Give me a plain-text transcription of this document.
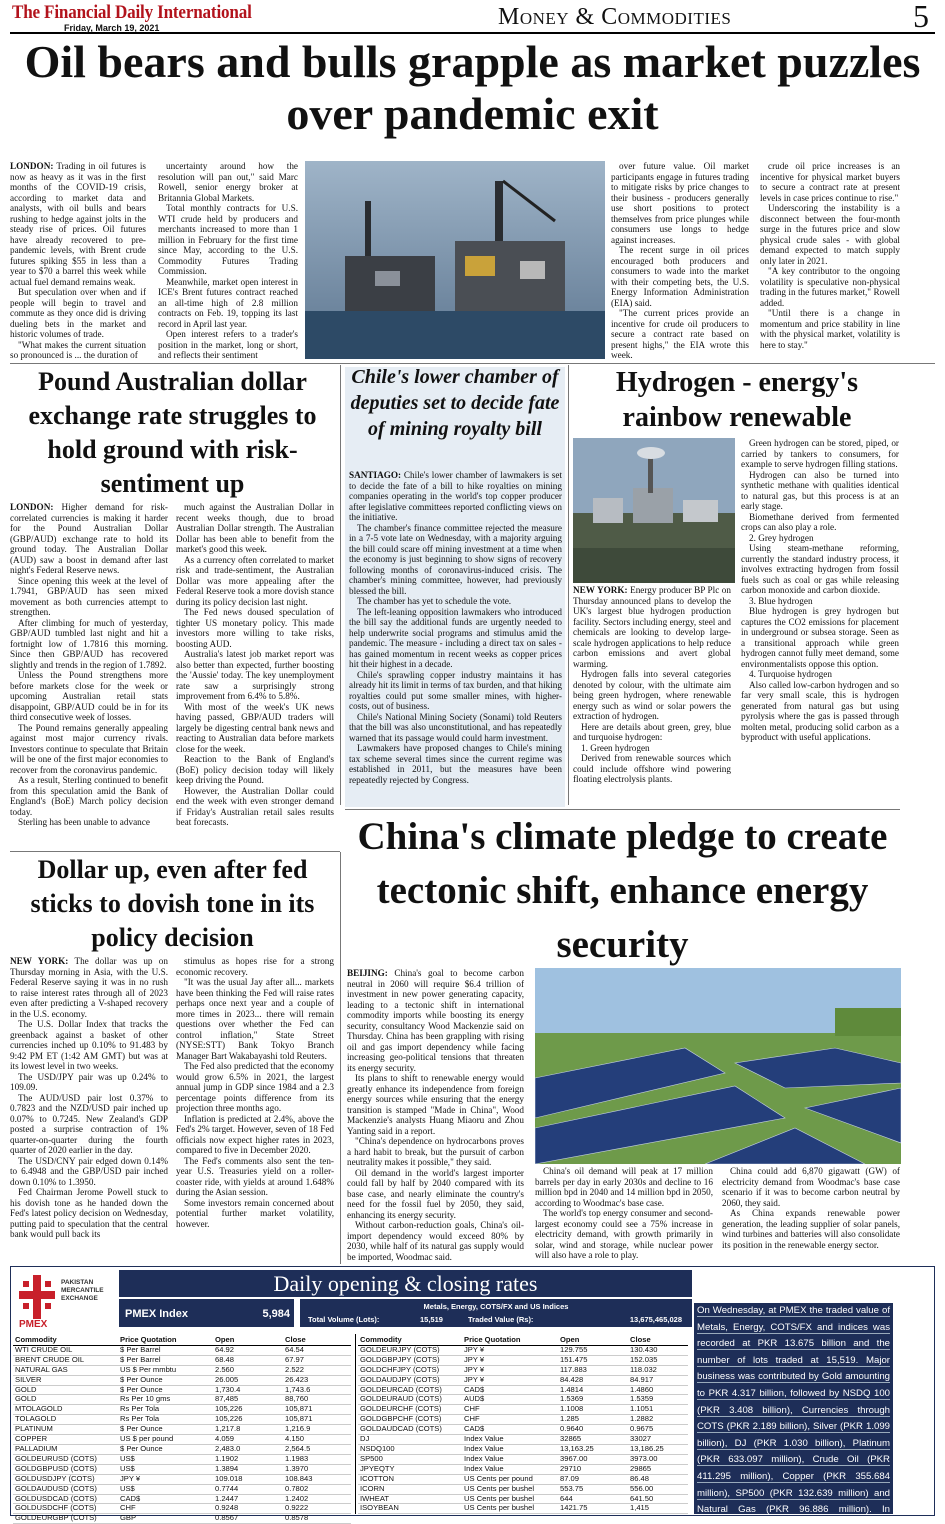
The Financial Daily International
Friday, March 19, 2021	Money & Commodities	5
Oil bears and bulls grapple as market puzzles over pandemic exit

LONDON: Trading in oil futures is now as heavy as it was in the first months of the COVID-19 crisis, according to market data and analysts, with oil bulls and bears rushing to hedge against jolts in the steady rise of prices. Oil futures have already recovered to pre-pandemic levels, with Brent crude futures spiking $55 in less than a year to $70 a barrel this week while actual fuel demand remains weak.

But speculation over when and if people will begin to travel and commute as they once did is driving dueling bets in the market and historic volumes of trade.

"What makes the current situation so pronounced is ... the duration of

uncertainty around how the resolution will pan out," said Marc Rowell, senior energy broker at Britannia Global Markets.

Total monthly contracts for U.S. WTI crude held by producers and merchants increased to more than 1 million in February for the first time since May, according to the U.S. Commodity Futures Trading Commission.

Meanwhile, market open interest in ICE's Brent futures contract reached an all-time high of 2.8 million contracts on Feb. 19, topping its last record in April last year.

Open interest refers to a trader's position in the market, long or short, and reflects their sentiment

over future value. Oil market participants engage in futures trading to mitigate risks by price changes to their business - producers generally use short positions to protect themselves from price plunges while consumers use longs to hedge against increases.

The recent surge in oil prices encouraged both producers and consumers to wade into the market with their competing bets, the U.S. Energy Information Administration (EIA) said.

"The current prices provide an incentive for crude oil producers to secure a contract rate based on present highs," the EIA wrote this week.

crude oil price increases is an incentive for physical market buyers to secure a contract rate at present levels in case prices continue to rise."

Underscoring the instability is a disconnect between the four-month surge in the futures price and slow physical crude sales - with global demand expected to match supply only later in 2021.

"A key contributor to the ongoing volatility is speculative non-physical trading in the futures market," Rowell added.

"Until there is a change in momentum and price stability in line with the physical market, volatility is here to stay."

Pound Australian dollar exchange rate struggles to hold ground with risk-sentiment up

LONDON: Higher demand for risk-correlated currencies is making it harder for the Pound Australian Dollar (GBP/AUD) exchange rate to hold its ground today. The Australian Dollar (AUD) saw a boost in demand after last night's Federal Reserve news.

Since opening this week at the level of 1.7941, GBP/AUD has seen mixed movement as both currencies attempt to strengthen.

After climbing for much of yesterday, GBP/AUD tumbled last night and hit a fortnight low of 1.7816 this morning. Since then GBP/AUD has recovered slightly and trends in the region of 1.7892.

Unless the Pound strengthens more before markets close for the week or upcoming Australian retail stats disappoint, GBP/AUD could be in for its third consecutive week of losses.

The Pound remains generally appealing against most major currency rivals. Investors continue to speculate that Britain will be one of the first major economies to recover from the coronavirus pandemic.

As a result, Sterling continued to benefit from this speculation amid the Bank of England's (BoE) March policy decision today.

Sterling has been unable to advance

much against the Australian Dollar in recent weeks though, due to broad Australian Dollar strength. The Australian Dollar has been able to benefit from the market's good this week.

As a currency often correlated to market risk and trade-sentiment, the Australian Dollar was more appealing after the Federal Reserve took a more dovish stance during its policy decision last night.

The Fed news doused speculation of tighter US monetary policy. This made investors more willing to take risks, boosting AUD.

Australia's latest job market report was also better than expected, further boosting the 'Aussie' today. The key unemployment rate saw a surprisingly strong improvement from 6.4% to 5.8%.

With most of the week's UK news having passed, GBP/AUD traders will largely be digesting central bank news and reacting to Australian data before markets close for the week.

Reaction to the Bank of England's (BoE) policy decision today will likely keep driving the Pound.

However, the Australian Dollar could end the week with even stronger demand if Friday's Australian retail sales results beat forecasts.

Chile's lower chamber of deputies set to decide fate of mining royalty bill

SANTIAGO: Chile's lower chamber of lawmakers is set to decide the fate of a bill to hike royalties on mining companies operating in the world's top copper producer after legislative committees reported conflicting views on the initiative.

The chamber's finance committee rejected the measure in a 7-5 vote late on Wednesday, with a majority arguing the bill could scare off mining investment at a time when the economy is just beginning to show signs of recovery following months of coronavirus-induced crisis. The chamber's mining committee, however, had previously blessed the bill.

The chamber has yet to schedule the vote.

The left-leaning opposition lawmakers who introduced the bill say the additional funds are urgently needed to help underwrite social programs and stimulus amid the pandemic. The measure - including a direct tax on sales - has gained momentum in recent weeks as copper prices hit their highest in a decade.

Chile's sprawling copper industry maintains it has already hit its limit in terms of tax burden, and that hiking royalties could put some smaller mines, with higher-costs, out of business.

Chile's National Mining Society (Sonami) told Reuters that the bill was also unconstitutional, and has repeatedly warned that its passage would could harm investment.

Lawmakers have proposed changes to Chile's mining tax scheme several times since the current regime was established in 2011, but the measures have been repeatedly rejected by Congress.

Hydrogen - energy's rainbow renewable

NEW YORK: Energy producer BP Plc on Thursday announced plans to develop the UK's largest blue hydrogen production facility. Sectors including energy, steel and chemicals are looking to develop large-scale hydrogen applications to help reduce carbon emissions and avert global warming.

Hydrogen falls into several categories denoted by colour, with the ultimate aim being green hydrogen, where renewable energy such as wind or solar powers the extraction of hydrogen.

Here are details about green, grey, blue and turquoise hydrogen:

1. Green hydrogen

Derived from renewable sources which could include offshore wind powering floating electrolysis plants.

Green hydrogen can be stored, piped, or carried by tankers to consumers, for example to serve hydrogen filling stations.

Hydrogen can also be turned into synthetic methane with qualities identical to natural gas, but this process is at an early stage.

Biomethane derived from fermented crops can also play a role.

2. Grey hydrogen

Using steam-methane reforming, currently the standard industry process, it involves extracting hydrogen from fossil fuels such as coal or gas while releasing carbon monoxide and carbon dioxide.

3. Blue hydrogen

Blue hydrogen is grey hydrogen but captures the CO2 emissions for placement in underground or subsea storage. Seen as a transitional approach while green hydrogen cannot fully meet demand, some environmentalists oppose this option.

4. Turquoise hydrogen

Also called low-carbon hydrogen and so far very small scale, this is hydrogen generated from natural gas but using pyrolysis where the gas is passed through molten metal, producing solid carbon as a byproduct with useful applications.

Dollar up, even after fed sticks to dovish tone in its policy decision

NEW YORK: The dollar was up on Thursday morning in Asia, with the U.S. Federal Reserve saying it was in no rush to raise interest rates through all of 2023 even after predicting a V-shaped recovery in the U.S. economy.

The U.S. Dollar Index that tracks the greenback against a basket of other currencies inched up 0.10% to 91.483 by 9:42 PM ET (1:42 AM GMT) but was at its lowest level in two weeks.

The USD/JPY pair was up 0.24% to 109.09.

The AUD/USD pair lost 0.37% to 0.7823 and the NZD/USD pair inched up 0.07% to 0.7245. New Zealand's GDP posted a surprise contraction of 1% quarter-on-quarter during the fourth quarter of 2020 earlier in the day.

The USD/CNY pair edged down 0.14% to 6.4948 and the GBP/USD pair inched down 0.10% to 1.3950.

Fed Chairman Jerome Powell stuck to his dovish tone as he handed down the Fed's latest policy decision on Wednesday, putting paid to speculation that the central bank would pull back its

stimulus as hopes rise for a strong economic recovery.

"It was the usual Jay after all... markets have been thinking the Fed will raise rates perhaps once next year and a couple of more times in 2023... there will remain questions over whether the Fed can control inflation," State Street (NYSE:STT) Bank Tokyo Branch Manager Bart Wakabayashi told Reuters.

The Fed also predicted that the economy would grow 6.5% in 2021, the largest annual jump in GDP since 1984 and a 2.3 percentage points difference from its projection three months ago.

Inflation is predicted at 2.4%, above the Fed's 2% target. However, seven of 18 Fed officials now expect higher rates in 2023, compared to five in December 2020.

The Fed's comments also sent the ten-year U.S. Treasuries yield on a roller-coaster ride, with yields at around 1.648% during the Asian session.

Some investors remain concerned about potential further market volatility, however.

China's climate pledge to create tectonic shift, enhance energy security

BEIJING: China's goal to become carbon neutral in 2060 will require $6.4 trillion of investment in new power generating capacity, leading to a tectonic shift in international commodity imports while boosting its energy security, consultancy Wood Mackenzie said on Thursday. China has been grappling with rising oil and gas import dependency while facing increasing geo-political tensions that threaten its energy security.

Its plans to shift to renewable energy would greatly enhance its independence from foreign energy sources while ensuring that the energy transition is stamped "Made in China", Wood Mackenzie's analysts Huang Miaoru and Zhou Yanting said in a report.

"China's dependence on hydrocarbons proves a hard habit to break, but the pursuit of carbon neutrality makes it possible," they said.

Oil demand in the world's largest importer could fall by half by 2040 compared with its base case, and nearly eliminate the country's need for the fossil fuel by 2050, they said, enhancing its energy security.

Without carbon-reduction goals, China's oil-import dependency would exceed 80% by 2030, while half of its natural gas supply would be imported, Woodmac said.

China's oil demand will peak at 17 million barrels per day in early 2030s and decline to 16 million bpd in 2040 and 14 million bpd in 2050, according to Woodmac's base case.

The world's top energy consumer and second-largest economy could see a 75% increase in electricity demand, with growth primarily in solar, wind and storage, while nuclear power will also have a role to play.

China could add 6,870 gigawatt (GW) of electricity demand from Woodmac's base case scenario if it was to become carbon neutral by 2060, they said.

As China expands renewable power generation, the leading supplier of solar panels, wind turbines and batteries will also consolidate its position in the renewable energy sector.

PAKISTAN MERCANTILE EXCHANGE
PMEX
Daily opening & closing rates
PMEX Index	5,984
Metals, Energy, COTS/FX and US Indices
Total Volume (Lots):	15,519	Traded Value (Rs):	13,675,465,028
Commodity	Price Quotation	Open	Close
WTI CRUDE OIL	$ Per Barrel	64.92	64.54
BRENT CRUDE OIL	$ Per Barrel	68.48	67.97
NATURAL GAS	US $ Per mmbtu	2.560	2.522
SILVER	$ Per Ounce	26.005	26.423
GOLD	$ Per Ounce	1,730.4	1,743.6
GOLD	Rs Per 10 gms	87,485	88,760
MTOLAGOLD	Rs Per Tola	105,226	105,871
TOLAGOLD	Rs Per Tola	105,226	105,871
PLATINUM	$ Per Ounce	1,217.8	1,216.9
COPPER	US $ per pound	4.059	4.150
PALLADIUM	$ Per Ounce	2,483.0	2,564.5
GOLDEURUSD (COTS)	US$	1.1902	1.1983
GOLDGBPUSD (COTS)	US$	1.3894	1.3970
GOLDUSDJPY (COTS)	JPY ¥	109.018	108.843
GOLDAUDUSD (COTS)	US$	0.7744	0.7802
GOLDUSDCAD (COTS)	CAD$	1.2447	1.2402
GOLDUSDCHF (COTS)	CHF	0.9248	0.9222
GOLDEURGBP (COTS)	GBP	0.8567	0.8578
Commodity	Price Quotation	Open	Close
GOLDEURJPY (COTS)	JPY ¥	129.755	130.430
GOLDGBPJPY (COTS)	JPY ¥	151.475	152.035
GOLDCHFJPY (COTS)	JPY ¥	117.883	118.032
GOLDAUDJPY (COTS)	JPY ¥	84.428	84.917
GOLDEURCAD (COTS)	CAD$	1.4814	1.4860
GOLDEURAUD (COTS)	AUD$	1.5369	1.5359
GOLDEURCHF (COTS)	CHF	1.1008	1.1051
GOLDGBPCHF (COTS)	CHF	1.285	1.2882
GOLDAUDCAD (COTS)	CAD$	0.9640	0.9675
DJ	Index Value	32865	33027
NSDQ100	Index Value	13,163.25	13,186.25
SP500	Index Value	3967.00	3973.00
JPYEQTY	Index Value	29710	29865
ICOTTON	US Cents per pound	87.09	86.48
ICORN	US Cents per bushel	553.75	556.00
IWHEAT	US Cents per bushel	644	641.50
ISOYBEAN	US Cents per bushel	1421.75	1,415
On Wednesday, at PMEX the traded value of Metals, Energy, COTS/FX and indices was recorded at PKR 13.675 billion and the number of lots traded at 15,519. Major business was contributed by Gold amounting to PKR 4.317 billion, followed by NSDQ 100 (PKR 3.408 billion), Currencies through COTS (PKR 2.189 billion), Silver (PKR 1.099 billion), DJ (PKR 1.030 billion), Platinum (PKR 633.097 million), Crude Oil (PKR 411.295 million), Copper (PKR 355.684 million), SP500 (PKR 132.639 million) and Natural Gas (PKR 96.886 million). In
